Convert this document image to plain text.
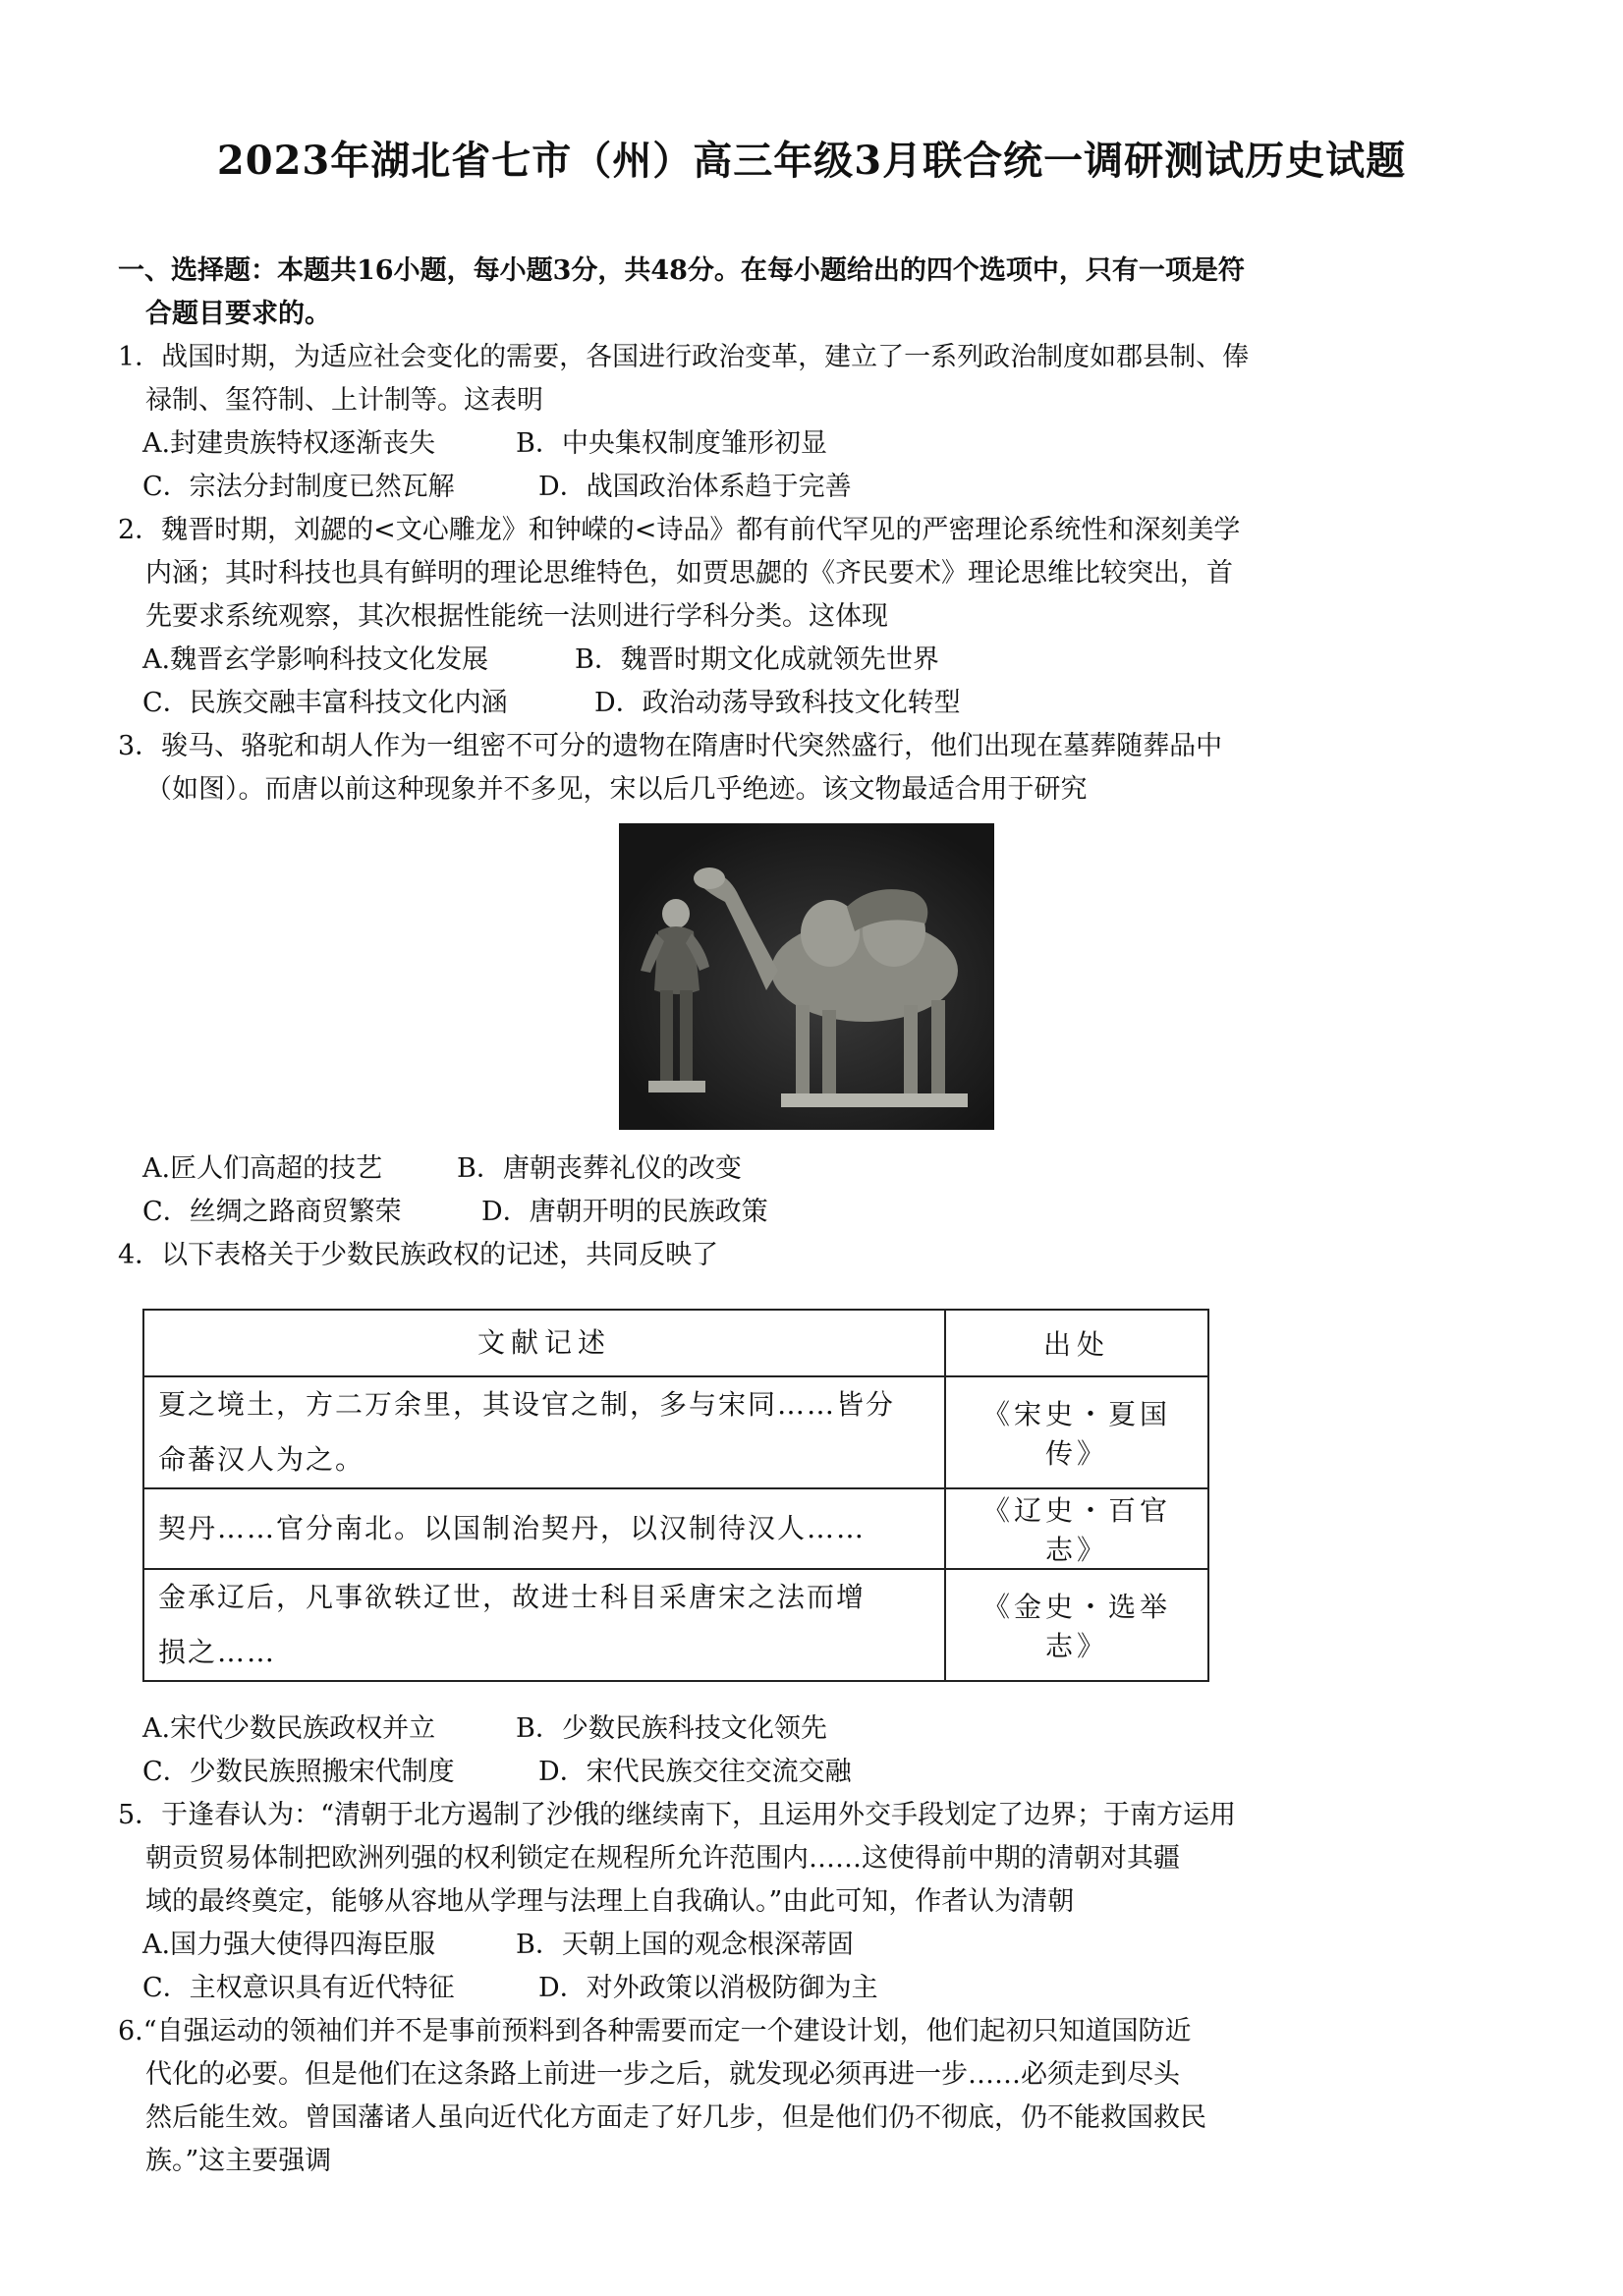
2023年湖北省七市（州）高三年级3月联合统一调研测试历史试题
一、选择题：本题共16小题，每小题3分，共48分。在每小题给出的四个选项中，只有一项是符
合题目要求的。
1．战国时期，为适应社会变化的需要，各国进行政治变革，建立了一系列政治制度如郡县制、俸
禄制、玺符制、上计制等。这表明
A.封建贵族特权逐渐丧失	B．中央集权制度雏形初显
C．宗法分封制度已然瓦解	D．战国政治体系趋于完善
2．魏晋时期，刘勰的<文心雕龙》和钟嵘的<诗品》都有前代罕见的严密理论系统性和深刻美学
内涵；其时科技也具有鲜明的理论思维特色，如贾思勰的《齐民要术》理论思维比较突出，首
先要求系统观察，其次根据性能统一法则进行学科分类。这体现
A.魏晋玄学影响科技文化发展	B．魏晋时期文化成就领先世界
C．民族交融丰富科技文化内涵	D．政治动荡导致科技文化转型
3．骏马、骆驼和胡人作为一组密不可分的遗物在隋唐时代突然盛行，他们出现在墓葬随葬品中
（如图）。而唐以前这种现象并不多见，宋以后几乎绝迹。该文物最适合用于研究
A.匠人们高超的技艺	B．唐朝丧葬礼仪的改变
C．丝绸之路商贸繁荣	D．唐朝开明的民族政策
4．以下表格关于少数民族政权的记述，共同反映了
文献记述	出处

夏之境土，方二万余里，其设官之制，多与宋同……皆分
命蕃汉人为之。	《宋史・夏国传》

契丹……官分南北。以国制治契丹，以汉制待汉人……	《辽史・百官志》

金承辽后，凡事欲轶辽世，故进士科目采唐宋之法而增
损之……	《金史・选举志》
A.宋代少数民族政权并立	B．少数民族科技文化领先
C．少数民族照搬宋代制度	D．宋代民族交往交流交融
5．于逢春认为：“清朝于北方遏制了沙俄的继续南下，且运用外交手段划定了边界；于南方运用
朝贡贸易体制把欧洲列强的权利锁定在规程所允许范围内……这使得前中期的清朝对其疆
域的最终奠定，能够从容地从学理与法理上自我确认。”由此可知，作者认为清朝
A.国力强大使得四海臣服	B．天朝上国的观念根深蒂固
C．主权意识具有近代特征	D．对外政策以消极防御为主
6.“自强运动的领袖们并不是事前预料到各种需要而定一个建设计划，他们起初只知道国防近
代化的必要。但是他们在这条路上前进一步之后，就发现必须再进一步……必须走到尽头
然后能生效。曾国藩诸人虽向近代化方面走了好几步，但是他们仍不彻底，仍不能救国救民
族。”这主要强调
